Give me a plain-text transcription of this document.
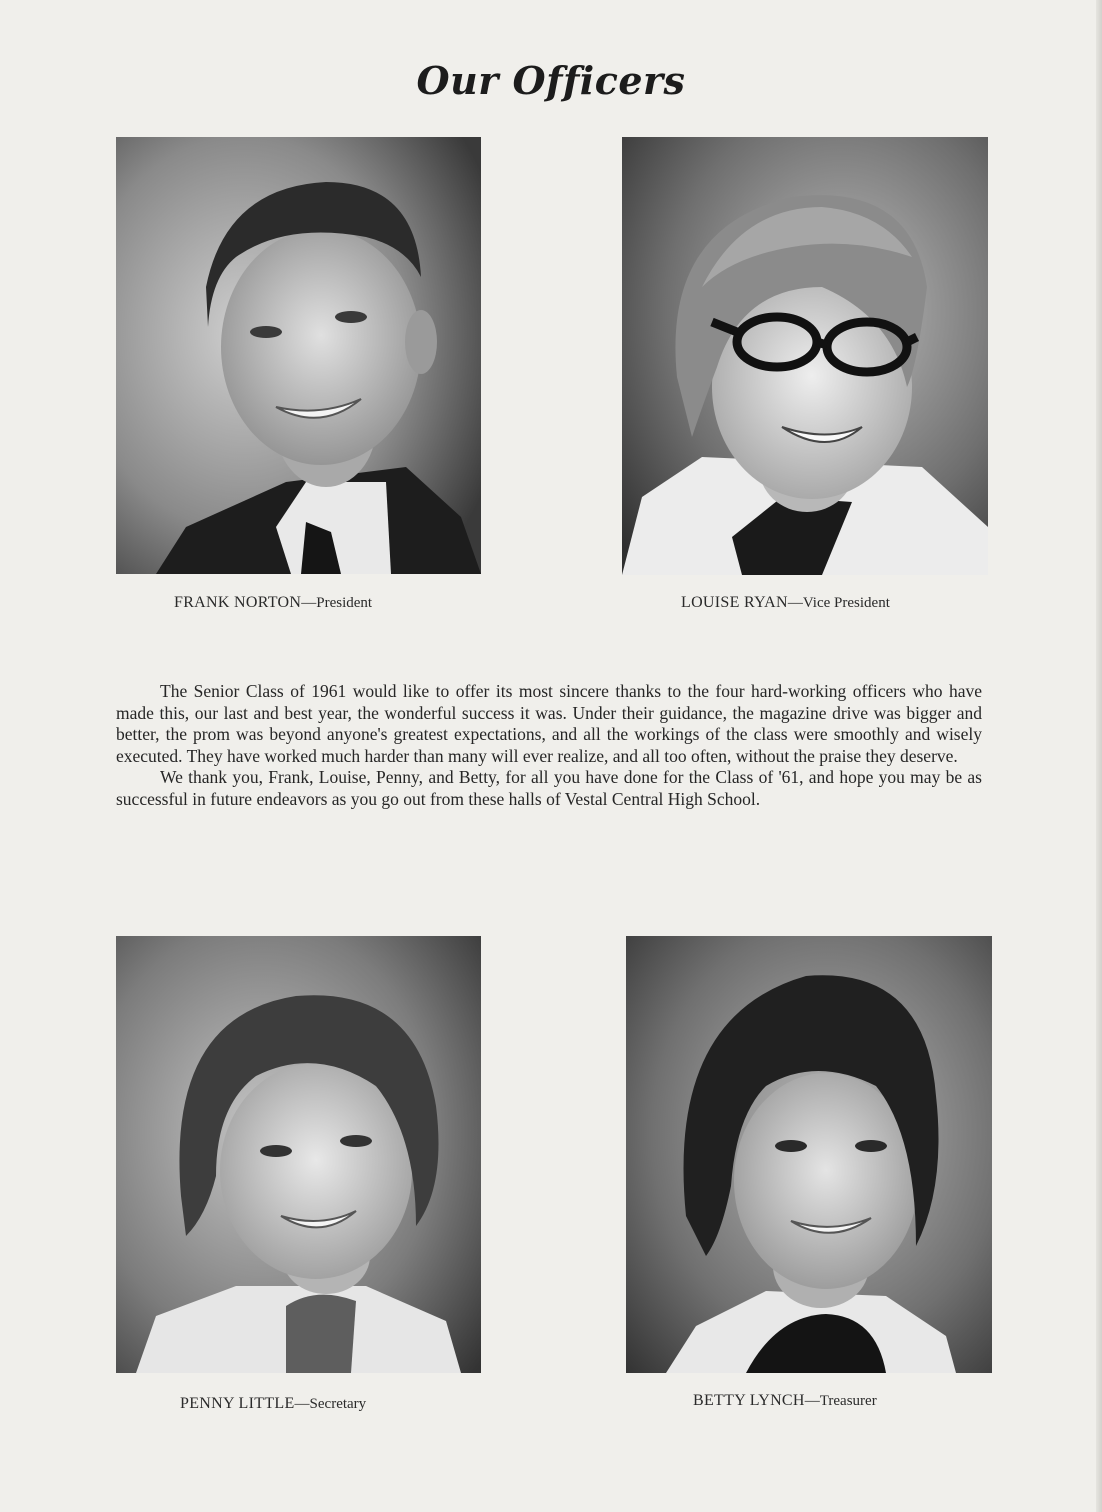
Our Officers
FRANK NORTON—President	LOUISE RYAN—Vice President
PENNY LITTLE—Secretary	BETTY LYNCH—Treasurer

The Senior Class of 1961 would like to offer its most sincere thanks to the four hard-working officers who have made this, our last and best year, the wonderful success it was. Under their guidance, the magazine drive was bigger and better, the prom was beyond anyone's greatest expectations, and all the workings of the class were smoothly and wisely executed. They have worked much harder than many will ever realize, and all too often, without the praise they deserve.

We thank you, Frank, Louise, Penny, and Betty, for all you have done for the Class of '61, and hope you may be as successful in future endeavors as you go out from these halls of Vestal Central High School.
